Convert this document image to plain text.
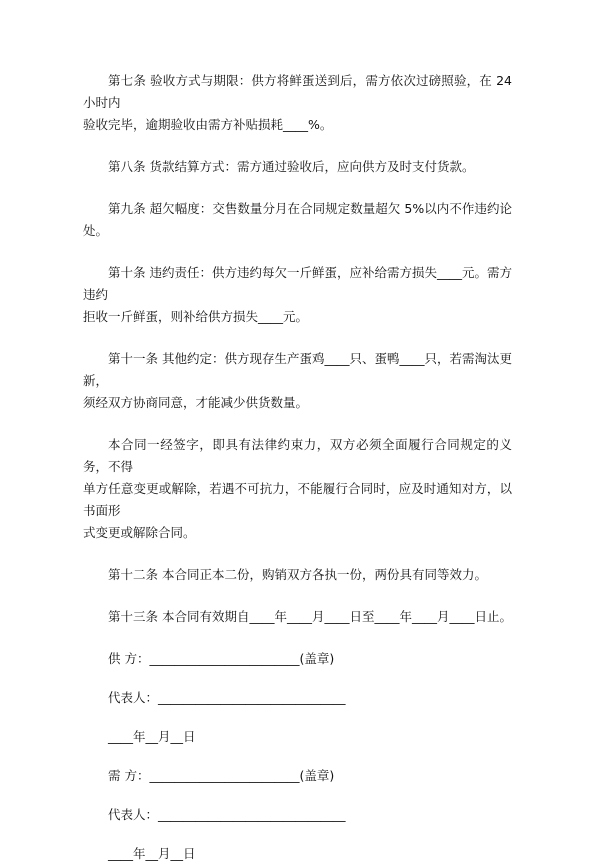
第七条 验收方式与期限：供方将鲜蛋送到后，需方依次过磅照验，在 24 小时内
验收完毕，逾期验收由需方补贴损耗____%。

第八条 货款结算方式：需方通过验收后，应向供方及时支付货款。

第九条 超欠幅度：交售数量分月在合同规定数量超欠 5%以内不作违约论处。

第十条 违约责任：供方违约每欠一斤鲜蛋，应补给需方损失____元。需方违约
拒收一斤鲜蛋，则补给供方损失____元。

第十一条 其他约定：供方现存生产蛋鸡____只、蛋鸭____只，若需淘汰更新，
须经双方协商同意，才能减少供货数量。

本合同一经签字，即具有法律约束力，双方必须全面履行合同规定的义务，不得
单方任意变更或解除，若遇不可抗力，不能履行合同时，应及时通知对方，以书面形
式变更或解除合同。

第十二条 本合同正本二份，购销双方各执一份，两份具有同等效力。

第十三条 本合同有效期自____年____月____日至____年____月____日止。

供 方：________________________(盖章)

代表人：______________________________

____年__月__日

需 方：________________________(盖章)

代表人：______________________________

____年__月__日
